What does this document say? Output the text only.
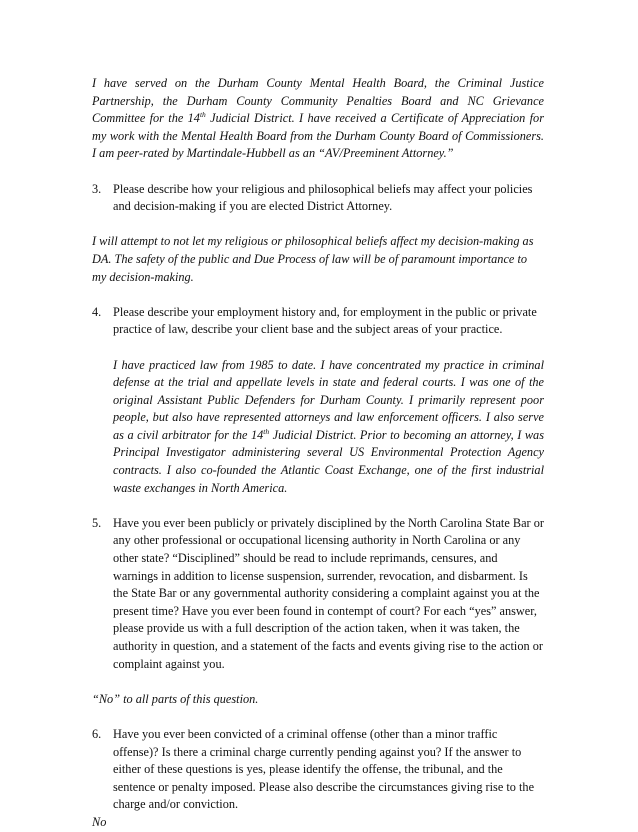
I have served on the Durham County Mental Health Board, the Criminal Justice Partnership, the Durham County Community Penalties Board and NC Grievance Committee for the 14th Judicial District. I have received a Certificate of Appreciation for my work with the Mental Health Board from the Durham County Board of Commissioners. I am peer-rated by Martindale-Hubbell as an “AV/Preeminent Attorney.”

3. Please describe how your religious and philosophical beliefs may affect your policies and decision-making if you are elected District Attorney.

I will attempt to not let my religious or philosophical beliefs affect my decision-making as DA. The safety of the public and Due Process of law will be of paramount importance to my decision-making.

4. Please describe your employment history and, for employment in the public or private practice of law, describe your client base and the subject areas of your practice.

I have practiced law from 1985 to date. I have concentrated my practice in criminal defense at the trial and appellate levels in state and federal courts. I was one of the original Assistant Public Defenders for Durham County. I primarily represent poor people, but also have represented attorneys and law enforcement officers. I also serve as a civil arbitrator for the 14th Judicial District. Prior to becoming an attorney, I was Principal Investigator administering several US Environmental Protection Agency contracts. I also co-founded the Atlantic Coast Exchange, one of the first industrial waste exchanges in North America.

5. Have you ever been publicly or privately disciplined by the North Carolina State Bar or any other professional or occupational licensing authority in North Carolina or any other state? “Disciplined” should be read to include reprimands, censures, and warnings in addition to license suspension, surrender, revocation, and disbarment. Is the State Bar or any governmental authority considering a complaint against you at the present time? Have you ever been found in contempt of court? For each “yes” answer, please provide us with a full description of the action taken, when it was taken, the authority in question, and a statement of the facts and events giving rise to the action or complaint against you.

“No” to all parts of this question.

6. Have you ever been convicted of a criminal offense (other than a minor traffic offense)? Is there a criminal charge currently pending against you? If the answer to either of these questions is yes, please identify the offense, the tribunal, and the sentence or penalty imposed. Please also describe the circumstances giving rise to the charge and/or conviction.

No
